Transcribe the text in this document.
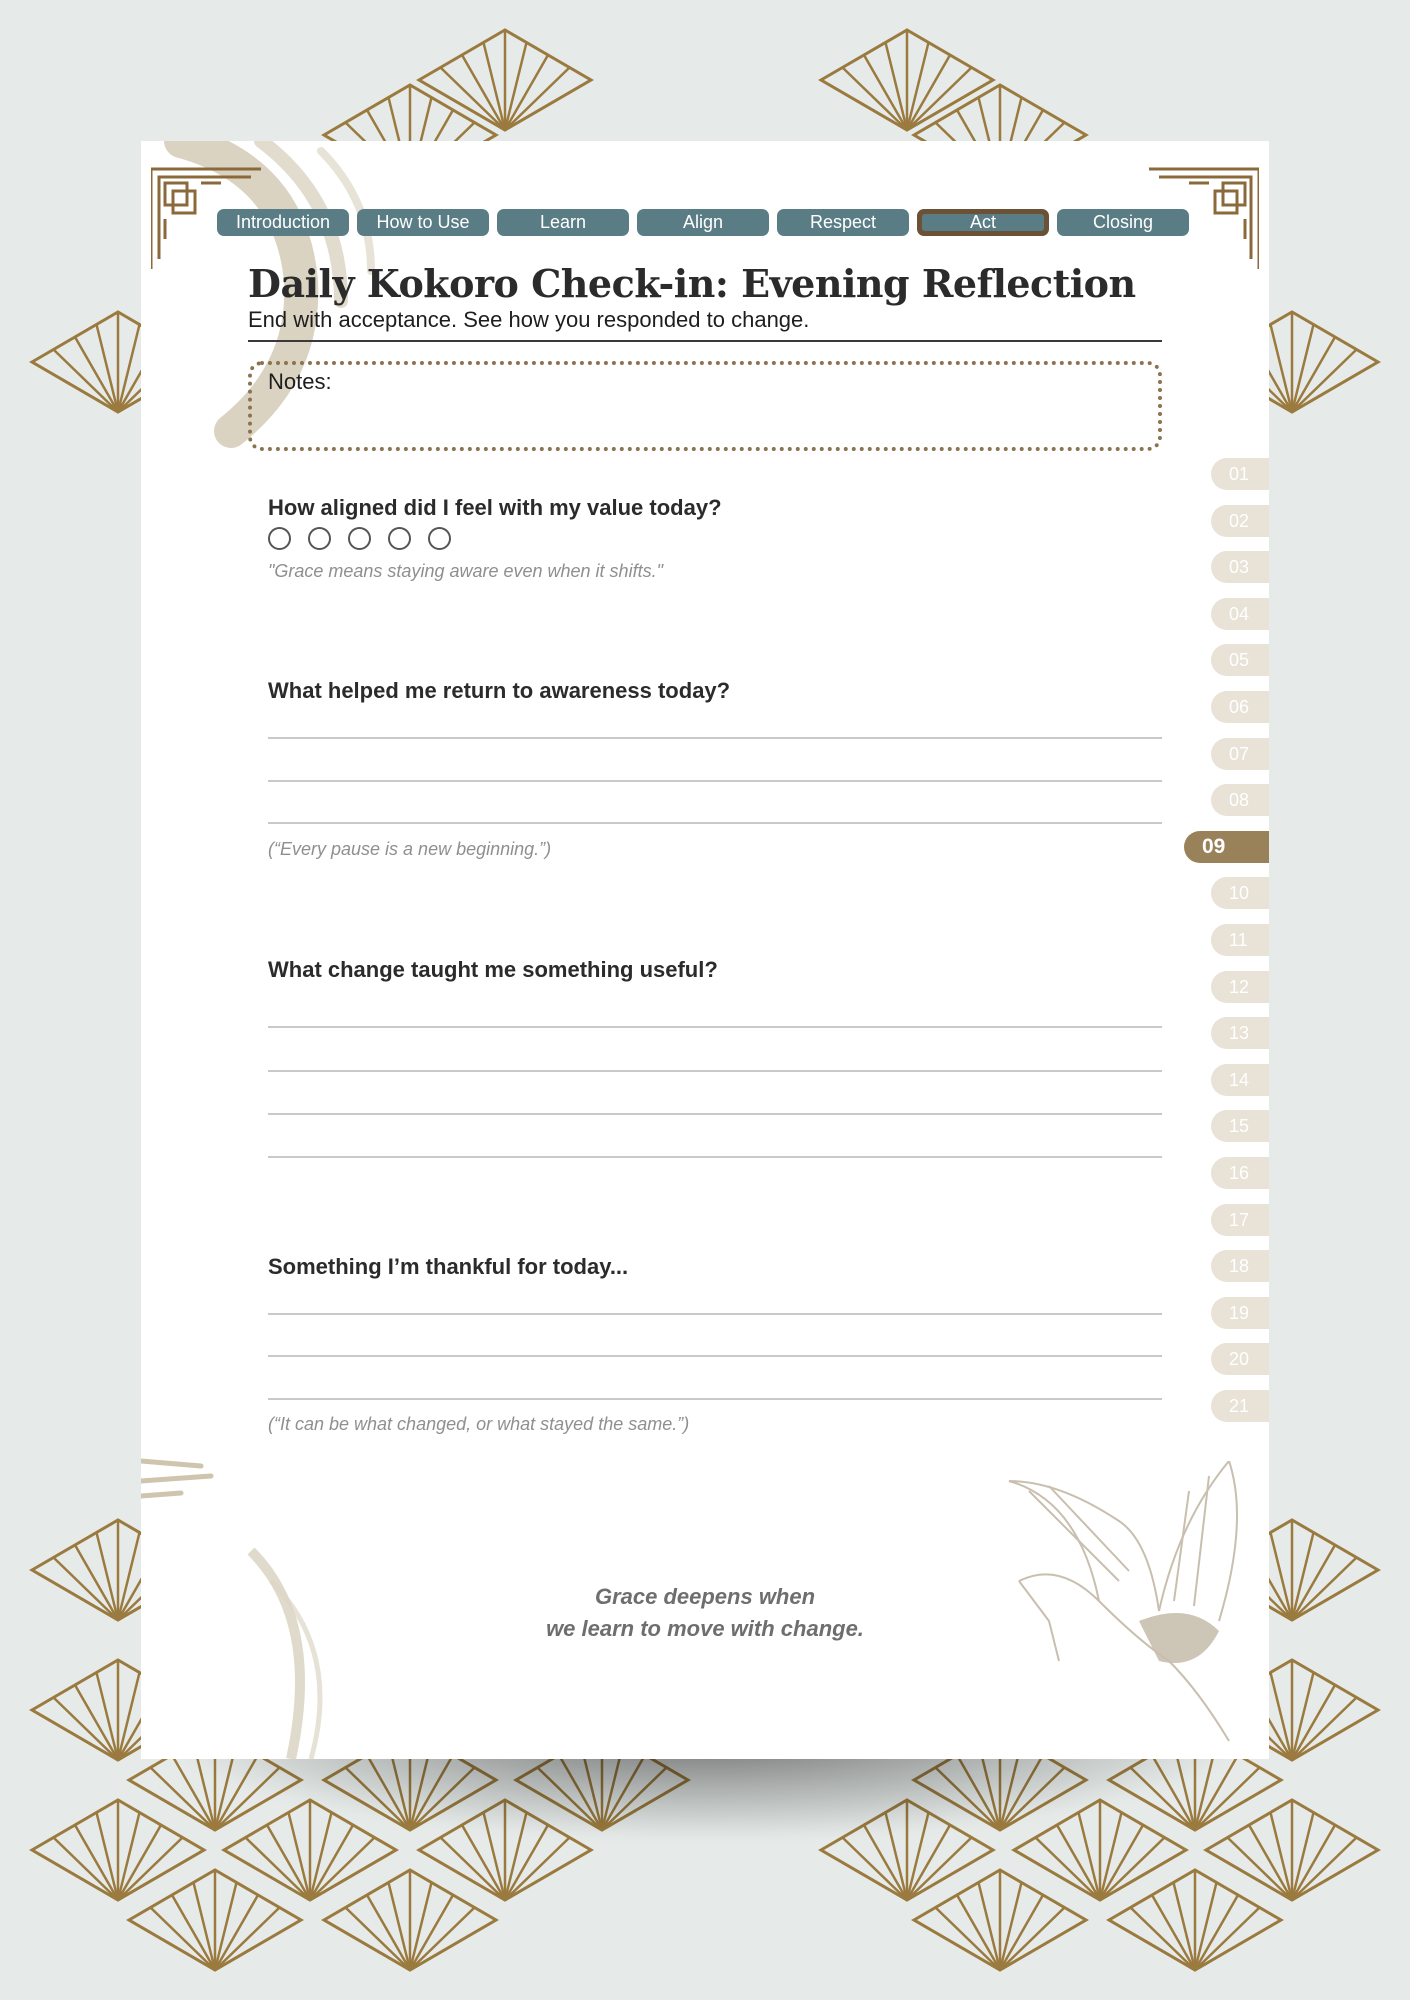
Introduction	How to Use	Learn	Align	Respect	Act	Closing
Daily Kokoro Check-in: Evening Reflection
End with acceptance. See how you responded to change.
Notes:
How aligned did I feel with my value today?
"Grace means staying aware even when it shifts."
What helped me return to awareness today?
(“Every pause is a new beginning.”)
What change taught me something useful?
Something I’m thankful for today...
(“It can be what changed, or what stayed the same.”)
Grace deepens when
we learn to move with change.
01
02
03
04
05
06
07
08
09
10
11
12
13
14
15
16
17
18
19
20
21
